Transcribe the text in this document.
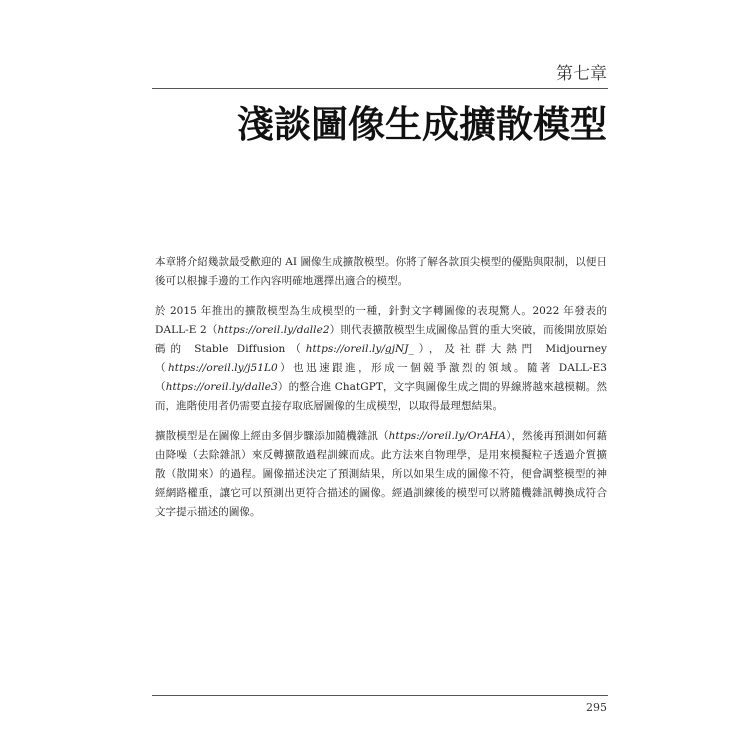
第七章
淺談圖像生成擴散模型

本章將介紹幾款最受歡迎的 AI 圖像生成擴散模型。你將了解各款頂尖模型的優點與限制，以便日後可以根據手邊的工作內容明確地選擇出適合的模型。

於 2015 年推出的擴散模型為生成模型的一種，針對文字轉圖像的表現驚人。2022 年發表的 DALL-E 2（https://oreil.ly/dalle2）則代表擴散模型生成圖像品質的重大突破，而後開放原始碼的 Stable Diffusion（https://oreil.ly/gjNJ_），及社群大熱門 Midjourney（https://oreil.ly/j51L0）也迅速跟進，形成一個競爭激烈的領域。隨著 DALL-E3（https://oreil.ly/dalle3）的整合進 ChatGPT，文字與圖像生成之間的界線將越來越模糊。然而，進階使用者仍需要直接存取底層圖像的生成模型，以取得最理想結果。

擴散模型是在圖像上經由多個步驟添加隨機雜訊（https://oreil.ly/OrAHA），然後再預測如何藉由降噪（去除雜訊）來反轉擴散過程訓練而成。此方法來自物理學，是用來模擬粒子透過介質擴散（散開來）的過程。圖像描述決定了預測結果，所以如果生成的圖像不符，便會調整模型的神經網路權重，讓它可以預測出更符合描述的圖像。經過訓練後的模型可以將隨機雜訊轉換成符合文字提示描述的圖像。

295
